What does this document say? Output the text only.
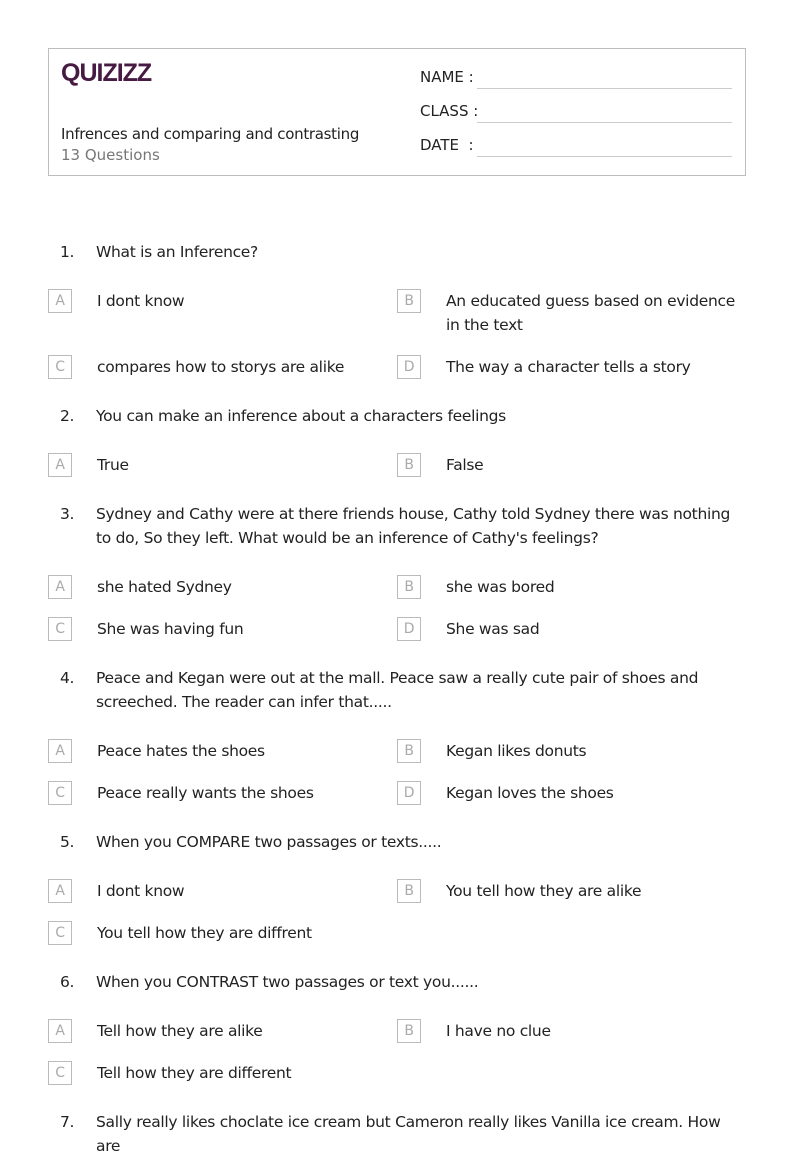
QUIZIZZ
Infrences and comparing and contrasting
13 Questions
NAME :
CLASS :
DATE  :
1.	What is an Inference?
A	I dont know	B	An educated guess based on evidence in the text
C	compares how to storys are alike	D	The way a character tells a story
2.	You can make an inference about a characters feelings
A	True	B	False
3.	Sydney and Cathy were at there friends house, Cathy told Sydney there was nothing to do, So they left. What would be an inference of Cathy's feelings?
A	she hated Sydney	B	she was bored
C	She was having fun	D	She was sad
4.	Peace and Kegan were out at the mall. Peace saw a really cute pair of shoes and screeched. The reader can infer that.....
A	Peace hates the shoes	B	Kegan likes donuts
C	Peace really wants the shoes	D	Kegan loves the shoes
5.	When you COMPARE two passages or texts.....
A	I dont know	B	You tell how they are alike
C	You tell how they are diffrent
6.	When you CONTRAST two passages or text you......
A	Tell how they are alike	B	I have no clue
C	Tell how they are different
7.	Sally really likes choclate ice cream but Cameron really likes Vanilla ice cream. How are
